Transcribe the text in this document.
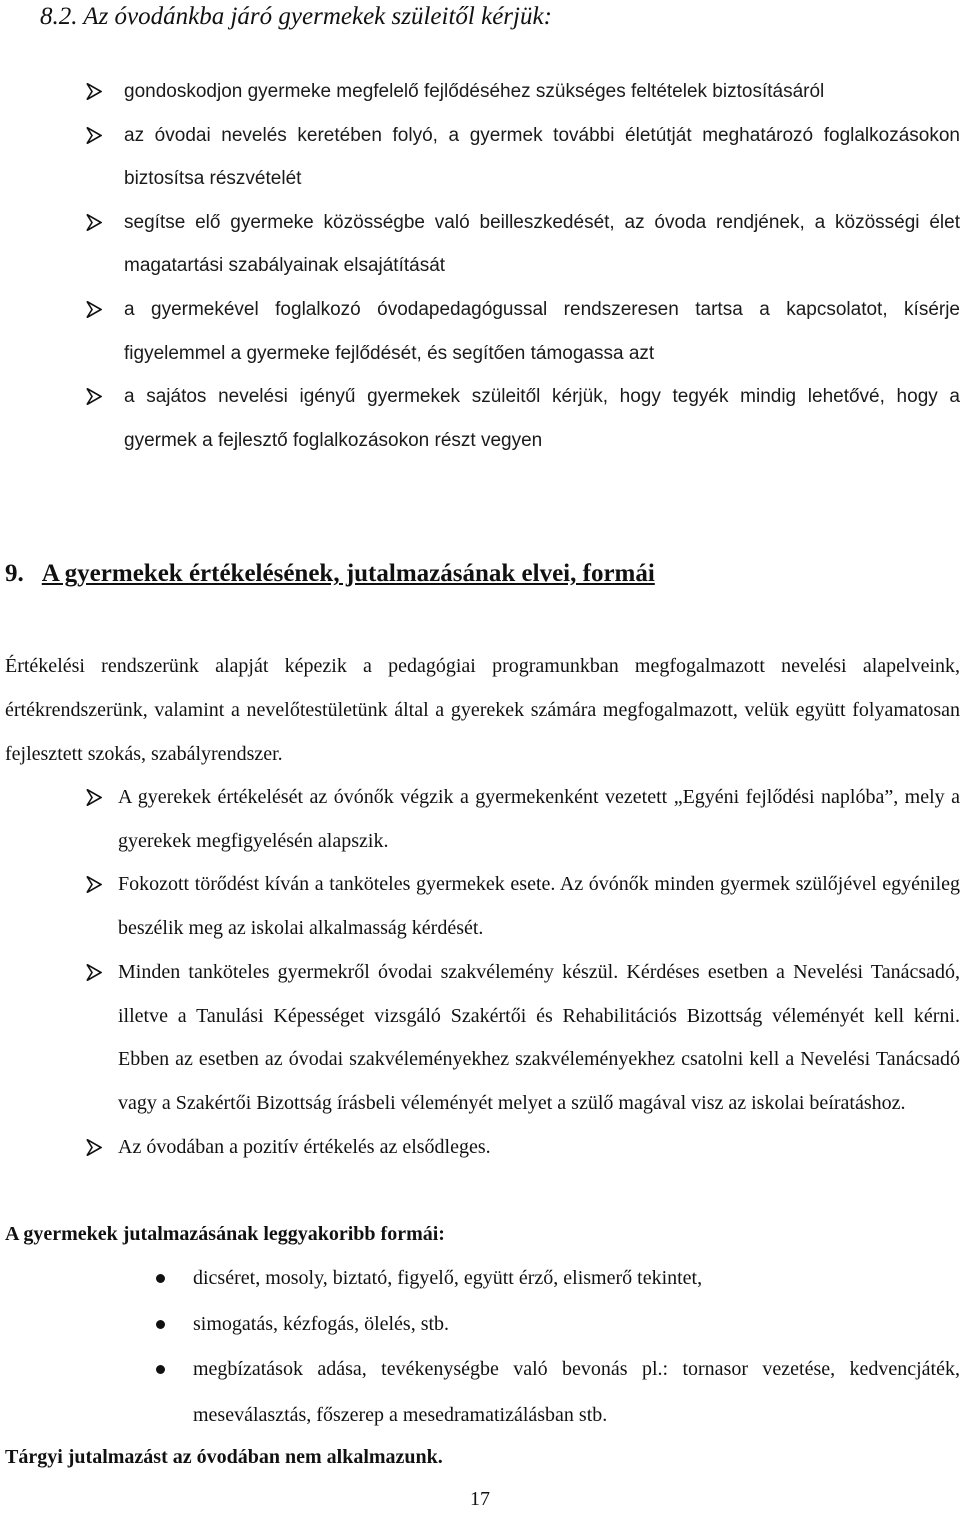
8.2. Az óvodánkba járó gyermekek szüleitől kérjük:
gondoskodjon gyermeke megfelelő fejlődéséhez szükséges feltételek biztosításáról
az óvodai nevelés keretében folyó, a gyermek további életútját meghatározó foglalkozásokon biztosítsa részvételét
segítse elő gyermeke közösségbe való beilleszkedését, az óvoda rendjének, a közösségi élet magatartási szabályainak elsajátítását
a gyermekével foglalkozó óvodapedagógussal rendszeresen tartsa a kapcsolatot, kísérje figyelemmel a gyermeke fejlődését, és segítően támogassa azt
a sajátos nevelési igényű gyermekek szüleitől kérjük, hogy tegyék mindig lehetővé, hogy a gyermek a fejlesztő foglalkozásokon részt vegyen
9. A gyermekek értékelésének, jutalmazásának elvei, formái

Értékelési rendszerünk alapját képezik a pedagógiai programunkban megfogalmazott nevelési alapelveink, értékrendszerünk, valamint a nevelőtestületünk által a gyerekek számára megfogalmazott, velük együtt folyamatosan fejlesztett szokás, szabályrendszer.

A gyerekek értékelését az óvónők végzik a gyermekenként vezetett „Egyéni fejlődési naplóba”, mely a gyerekek megfigyelésén alapszik.
Fokozott törődést kíván a tanköteles gyermekek esete. Az óvónők minden gyermek szülőjével egyénileg beszélik meg az iskolai alkalmasság kérdését.
Minden tanköteles gyermekről óvodai szakvélemény készül. Kérdéses esetben a Nevelési Tanácsadó, illetve a Tanulási Képességet vizsgáló Szakértői és Rehabilitációs Bizottság véleményét kell kérni. Ebben az esetben az óvodai szakvéleményekhez szakvéleményekhez csatolni kell a Nevelési Tanácsadó vagy a Szakértői Bizottság írásbeli véleményét melyet a szülő magával visz az iskolai beíratáshoz.
Az óvodában a pozitív értékelés az elsődleges.

A gyermekek jutalmazásának leggyakoribb formái:

dicséret, mosoly, biztató, figyelő, együtt érző, elismerő tekintet,
simogatás, kézfogás, ölelés, stb.
megbízatások adása, tevékenységbe való bevonás pl.: tornasor vezetése, kedvencjáték, meseválasztás, főszerep a mesedramatizálásban stb.

Tárgyi jutalmazást az óvodában nem alkalmazunk.

17
